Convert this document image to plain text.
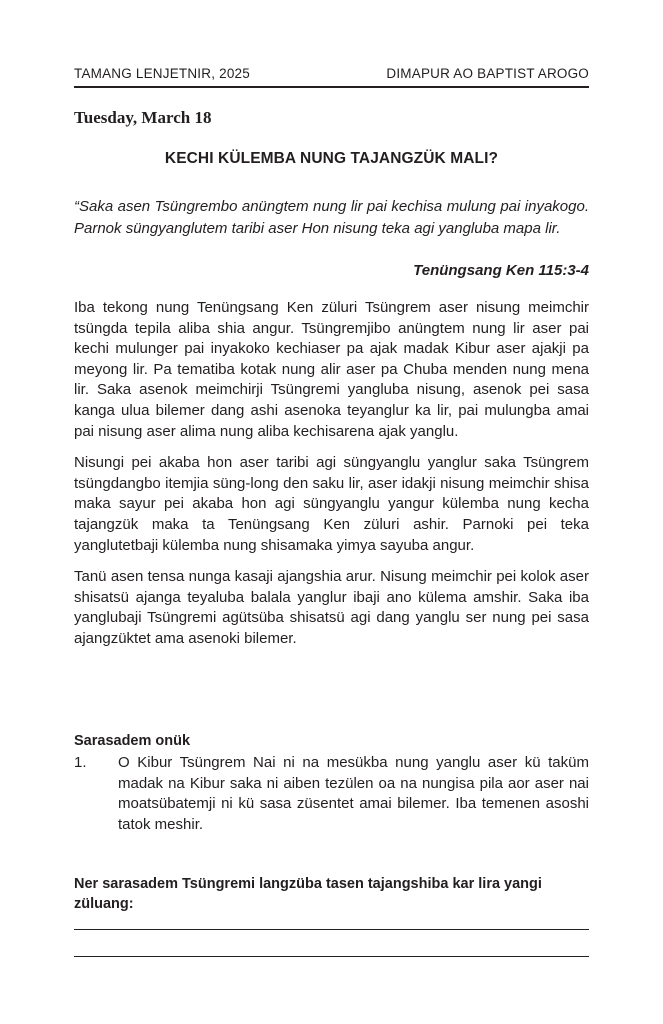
TAMANG LENJETNIR, 2025	DIMAPUR AO BAPTIST AROGO
Tuesday, March 18
KECHI KÜLEMBA NUNG TAJANGZÜK MALI?
“Saka asen Tsüngrembo anüngtem nung lir pai kechisa mulung pai inyakogo. Parnok süngyanglutem taribi aser Hon nisung teka agi yangluba mapa lir.
Tenüngsang Ken 115:3-4

Iba tekong nung Tenüngsang Ken züluri Tsüngrem aser nisung meimchir tsüngda tepila aliba shia angur. Tsüngremjibo anüngtem nung lir aser pai kechi mulunger pai inyakoko kechiaser pa ajak madak Kibur aser ajakji pa meyong lir. Pa tematiba kotak nung alir aser pa Chuba menden nung mena lir. Saka asenok meimchirji Tsüngremi yangluba nisung, asenok pei sasa kanga ulua bilemer dang ashi asenoka teyanglur ka lir, pai mulungba amai pai nisung aser alima nung aliba kechisarena ajak yanglu.

Nisungi pei akaba hon aser taribi agi süngyanglu yanglur saka Tsüngrem tsüngdangbo itemjia süng-long den saku lir, aser idakji nisung meimchir shisa maka sayur pei akaba hon agi süngyanglu yangur külemba nung kecha tajangzük maka ta Tenüngsang Ken züluri ashir. Parnoki pei teka yanglutetbaji külemba nung shisamaka yimya sayuba angur.

Tanü asen tensa nunga kasaji ajangshia arur. Nisung meimchir pei kolok aser shisatsü ajanga teyaluba balala yanglur ibaji ano külema amshir. Saka iba yanglubaji Tsüngremi agütsüba shisatsü agi dang yanglu ser nung pei sasa ajangzüktet ama asenoki bilemer.

Sarasadem onük
1. O Kibur Tsüngrem Nai ni na mesükba nung yanglu aser kü taküm madak na Kibur saka ni aiben tezülen oa na nungisa pila aor aser nai moatsübatemji ni kü sasa züsentet amai bilemer. Iba temenen asoshi tatok meshir.
Ner sarasadem Tsüngremi langzüba tasen tajangshiba kar lira yangi züluang:
